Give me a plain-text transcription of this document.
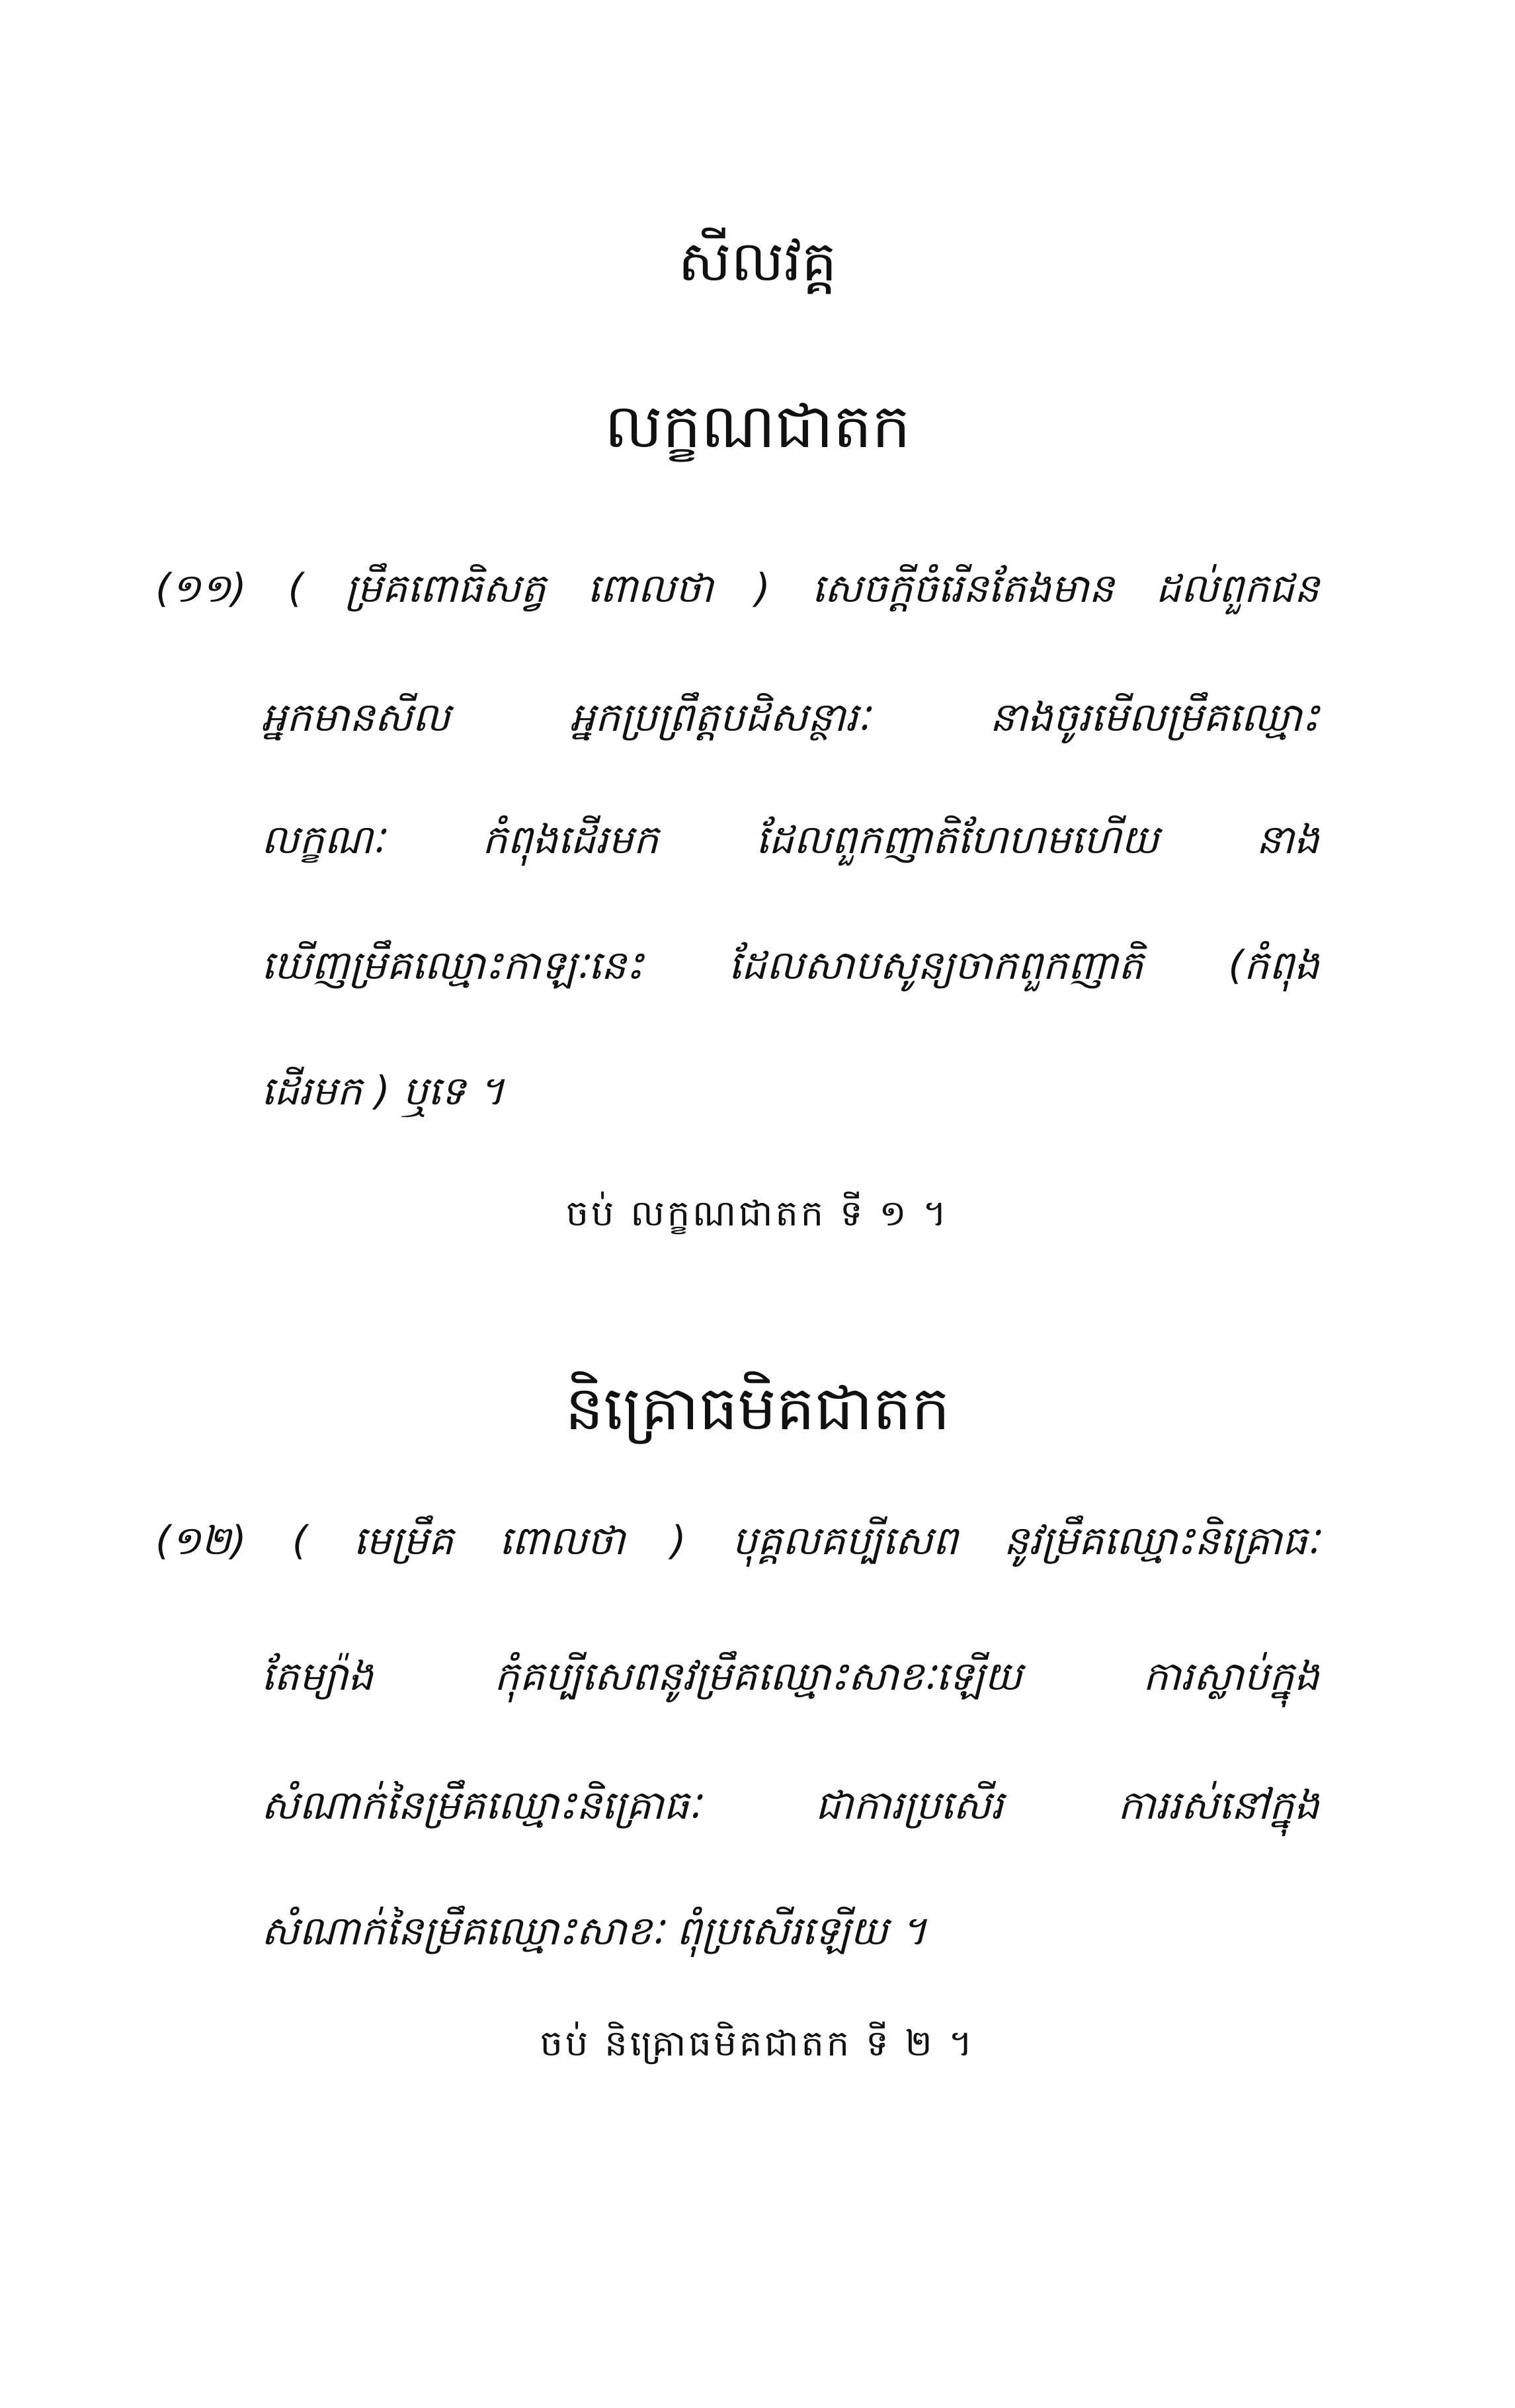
សីលវគ្គ
លក្ខណជាតក
(១១) ( ម្រឹគពោធិសត្វ ពោលថា ) សេចក្ដីចំរើនតែងមាន ដល់ពួកជន
អ្នកមានសីល អ្នកប្រព្រឹត្តបដិសន្ថារៈ នាងចូរមើលម្រឹគឈ្មោះ
លក្ខណៈ កំពុងដើរមក ដែលពួកញាតិហែហមហើយ នាង
ឃើញម្រឹគឈ្មោះកាឡៈនេះ ដែលសាបសូន្យចាកពួកញាតិ (កំពុង
ដើរមក ) ឬទេ ។
ចប់ លក្ខណជាតក ទី ១ ។
និគ្រោធមិគជាតក
(១២) ( មេម្រឹគ ពោលថា ) បុគ្គលគប្បីសេព នូវម្រឹគឈ្មោះនិគ្រោធៈ
តែម្យ៉ាង កុំគប្បីសេពនូវម្រឹគឈ្មោះសាខៈឡើយ ការស្លាប់ក្នុង
សំណាក់នៃម្រឹគឈ្មោះនិគ្រោធៈ ជាការប្រសើរ ការរស់នៅក្នុង
សំណាក់នៃម្រឹគឈ្មោះសាខៈ ពុំប្រសើរឡើយ ។
ចប់ និគ្រោធមិគជាតក ទី ២ ។
